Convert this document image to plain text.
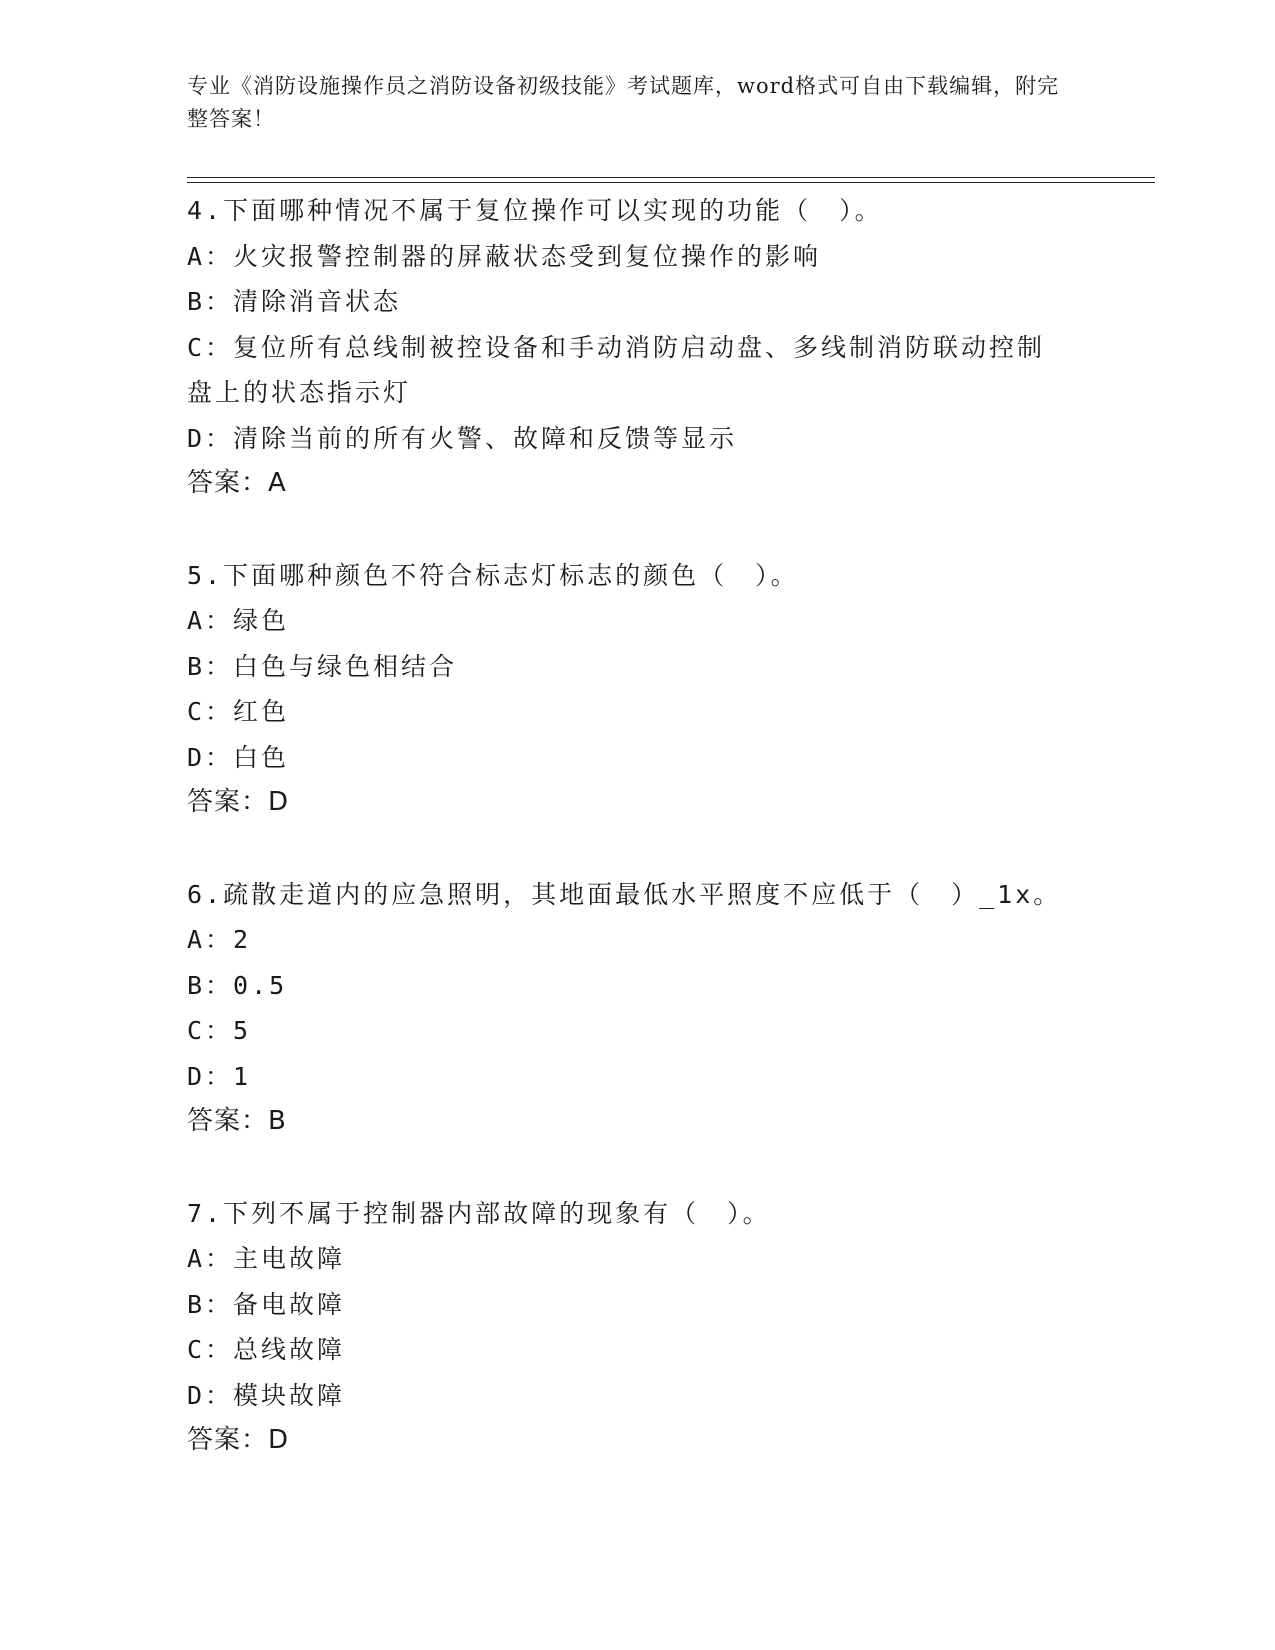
专业《消防设施操作员之消防设备初级技能》考试题库，word格式可自由下载编辑，附完整答案！
4.下面哪种情况不属于复位操作可以实现的功能（　）。
A：火灾报警控制器的屏蔽状态受到复位操作的影响
B：清除消音状态
C：复位所有总线制被控设备和手动消防启动盘、多线制消防联动控制盘上的状态指示灯
D：清除当前的所有火警、故障和反馈等显示
答案：A
5.下面哪种颜色不符合标志灯标志的颜色（　）。
A：绿色
B：白色与绿色相结合
C：红色
D：白色
答案：D
6.疏散走道内的应急照明，其地面最低水平照度不应低于（　）_1x。
A：2
B：0.5
C：5
D：1
答案：B
7.下列不属于控制器内部故障的现象有（　）。
A：主电故障
B：备电故障
C：总线故障
D：模块故障
答案：D
